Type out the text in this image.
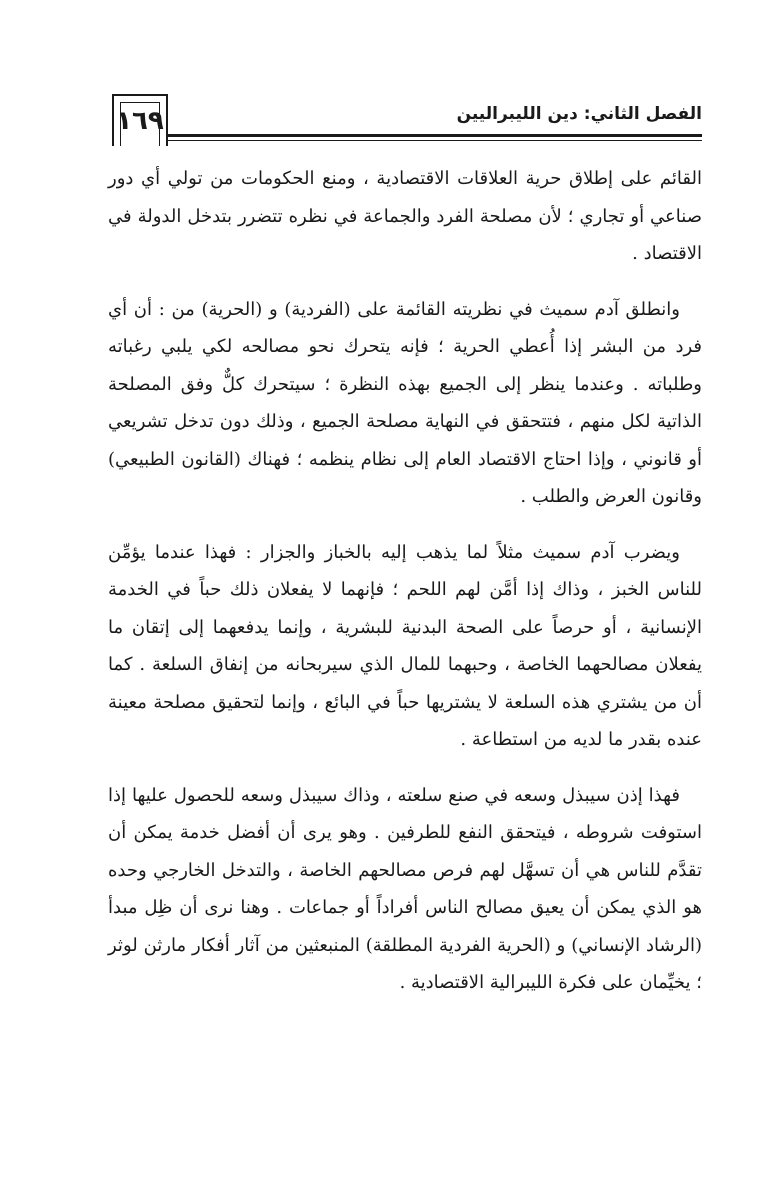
١٦٩	الفصل الثاني: دين الليبراليين

القائم على إطلاق حرية العلاقات الاقتصادية ، ومنع الحكومات من تولي أي دور صناعي أو تجاري ؛ لأن مصلحة الفرد والجماعة في نظره تتضرر بتدخل الدولة في الاقتصاد .

وانطلق آدم سميث في نظريته القائمة على (الفردية) و (الحرية) من : أن أي فرد من البشر إذا أُعطي الحرية ؛ فإنه يتحرك نحو مصالحه لكي يلبي رغباته وطلباته . وعندما ينظر إلى الجميع بهذه النظرة ؛ سيتحرك كلٌّ وفق المصلحة الذاتية لكل منهم ، فتتحقق في النهاية مصلحة الجميع ، وذلك دون تدخل تشريعي أو قانوني ، وإذا احتاج الاقتصاد العام إلى نظام ينظمه ؛ فهناك (القانون الطبيعي) وقانون العرض والطلب .

ويضرب آدم سميث مثلاً لما يذهب إليه بالخباز والجزار : فهذا عندما يؤمِّن للناس الخبز ، وذاك إذا أمَّن لهم اللحم ؛ فإنهما لا يفعلان ذلك حباً في الخدمة الإنسانية ، أو حرصاً على الصحة البدنية للبشرية ، وإنما يدفعهما إلى إتقان ما يفعلان مصالحهما الخاصة ، وحبهما للمال الذي سيربحانه من إنفاق السلعة . كما أن من يشتري هذه السلعة لا يشتريها حباً في البائع ، وإنما لتحقيق مصلحة معينة عنده بقدر ما لديه من استطاعة .

فهذا إذن سيبذل وسعه في صنع سلعته ، وذاك سيبذل وسعه للحصول عليها إذا استوفت شروطه ، فيتحقق النفع للطرفين . وهو يرى أن أفضل خدمة يمكن أن تقدَّم للناس هي أن تسهَّل لهم فرص مصالحهم الخاصة ، والتدخل الخارجي وحده هو الذي يمكن أن يعيق مصالح الناس أفراداً أو جماعات . وهنا نرى أن ظِل مبدأ (الرشاد الإنساني) و (الحرية الفردية المطلقة) المنبعثين من آثار أفكار مارثن لوثر ؛ يخيِّمان على فكرة الليبرالية الاقتصادية .
